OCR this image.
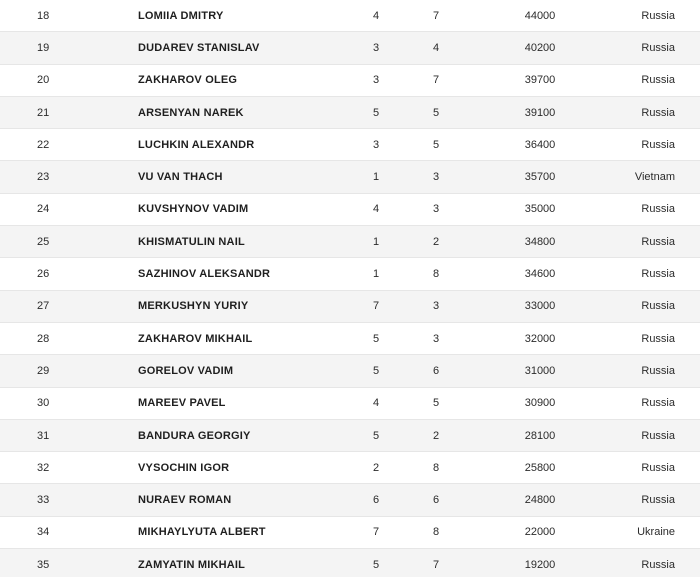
18	LOMIIA DMITRY	4	7	44000	Russia
19	DUDAREV STANISLAV	3	4	40200	Russia
20	ZAKHAROV OLEG	3	7	39700	Russia
21	ARSENYAN NAREK	5	5	39100	Russia
22	LUCHKIN ALEXANDR	3	5	36400	Russia
23	VU VAN THACH	1	3	35700	Vietnam
24	KUVSHYNOV VADIM	4	3	35000	Russia
25	KHISMATULIN NAIL	1	2	34800	Russia
26	SAZHINOV ALEKSANDR	1	8	34600	Russia
27	MERKUSHYN YURIY	7	3	33000	Russia
28	ZAKHAROV MIKHAIL	5	3	32000	Russia
29	GORELOV VADIM	5	6	31000	Russia
30	MAREEV PAVEL	4	5	30900	Russia
31	BANDURA GEORGIY	5	2	28100	Russia
32	VYSOCHIN IGOR	2	8	25800	Russia
33	NURAEV ROMAN	6	6	24800	Russia
34	MIKHAYLYUTA ALBERT	7	8	22000	Ukraine
35	ZAMYATIN MIKHAIL	5	7	19200	Russia
